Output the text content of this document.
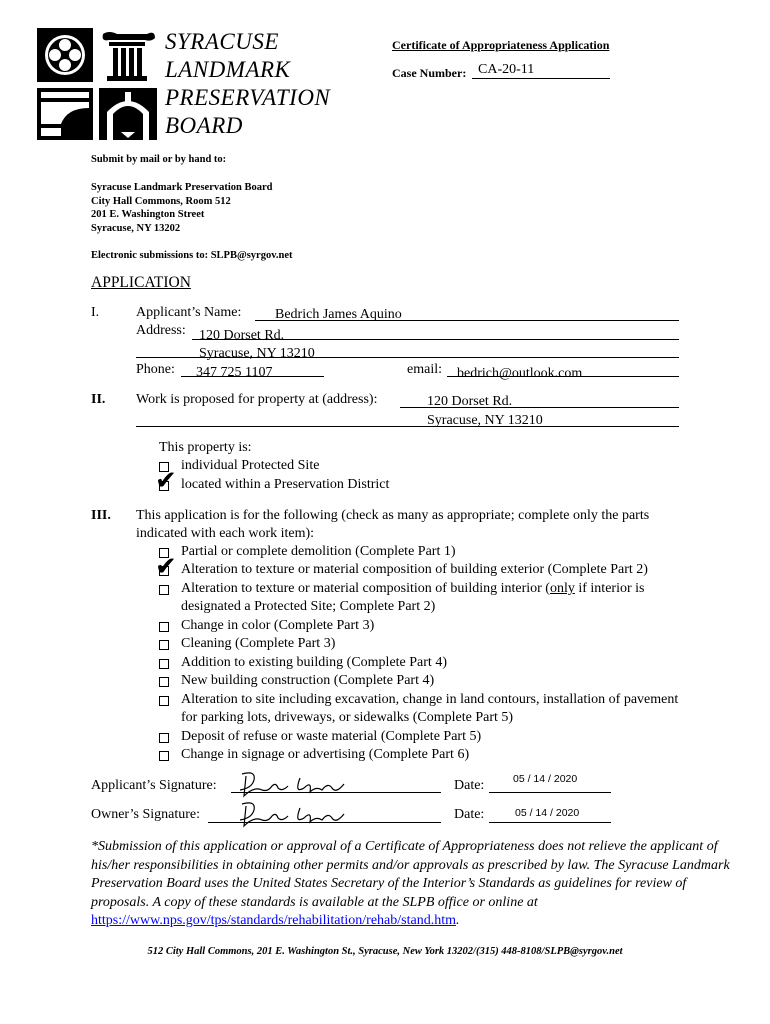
SYRACUSE
LANDMARK
PRESERVATION
BOARD
Certificate of Appropriateness Application
Case Number: CA-20-11
Submit by mail or by hand to:
Syracuse Landmark Preservation Board
City Hall Commons, Room 512
201 E. Washington Street
Syracuse, NY 13202
Electronic submissions to: SLPB@syrgov.net
APPLICATION
I.	Applicant’s Name: Bedrich James Aquino
Address: 120 Dorset Rd.
Syracuse, NY 13210
Phone: 347 725 1107	email: bedrich@outlook.com
II. Work is proposed for property at (address):	120 Dorset Rd.
Syracuse, NY 13210
This property is:
individual Protected Site
✔ located within a Preservation District
III. This application is for the following (check as many as appropriate; complete only the parts
indicated with each work item):
Partial or complete demolition (Complete Part 1)
✔ Alteration to texture or material composition of building exterior (Complete Part 2)
Alteration to texture or material composition of building interior (only if interior is
designated a Protected Site; Complete Part 2)
Change in color (Complete Part 3)
Cleaning (Complete Part 3)
Addition to existing building (Complete Part 4)
New building construction (Complete Part 4)
Alteration to site including excavation, change in land contours, installation of pavement
for parking lots, driveways, or sidewalks (Complete Part 5)
Deposit of refuse or waste material (Complete Part 5)
Change in signage or advertising (Complete Part 6)
Applicant’s Signature:	Date:	05 / 14 / 2020
Owner’s Signature:	Date:	05 / 14 / 2020
*Submission of this application or approval of a Certificate of Appropriateness does not relieve the applicant of his/her responsibilities in obtaining other permits and/or approvals as prescribed by law. The Syracuse Landmark Preservation Board uses the United States Secretary of the Interior’s Standards as guidelines for review of proposals. A copy of these standards is available at the SLPB office or online at https://www.nps.gov/tps/standards/rehabilitation/rehab/stand.htm.
512 City Hall Commons, 201 E. Washington St., Syracuse, New York 13202/(315) 448-8108/SLPB@syrgov.net
